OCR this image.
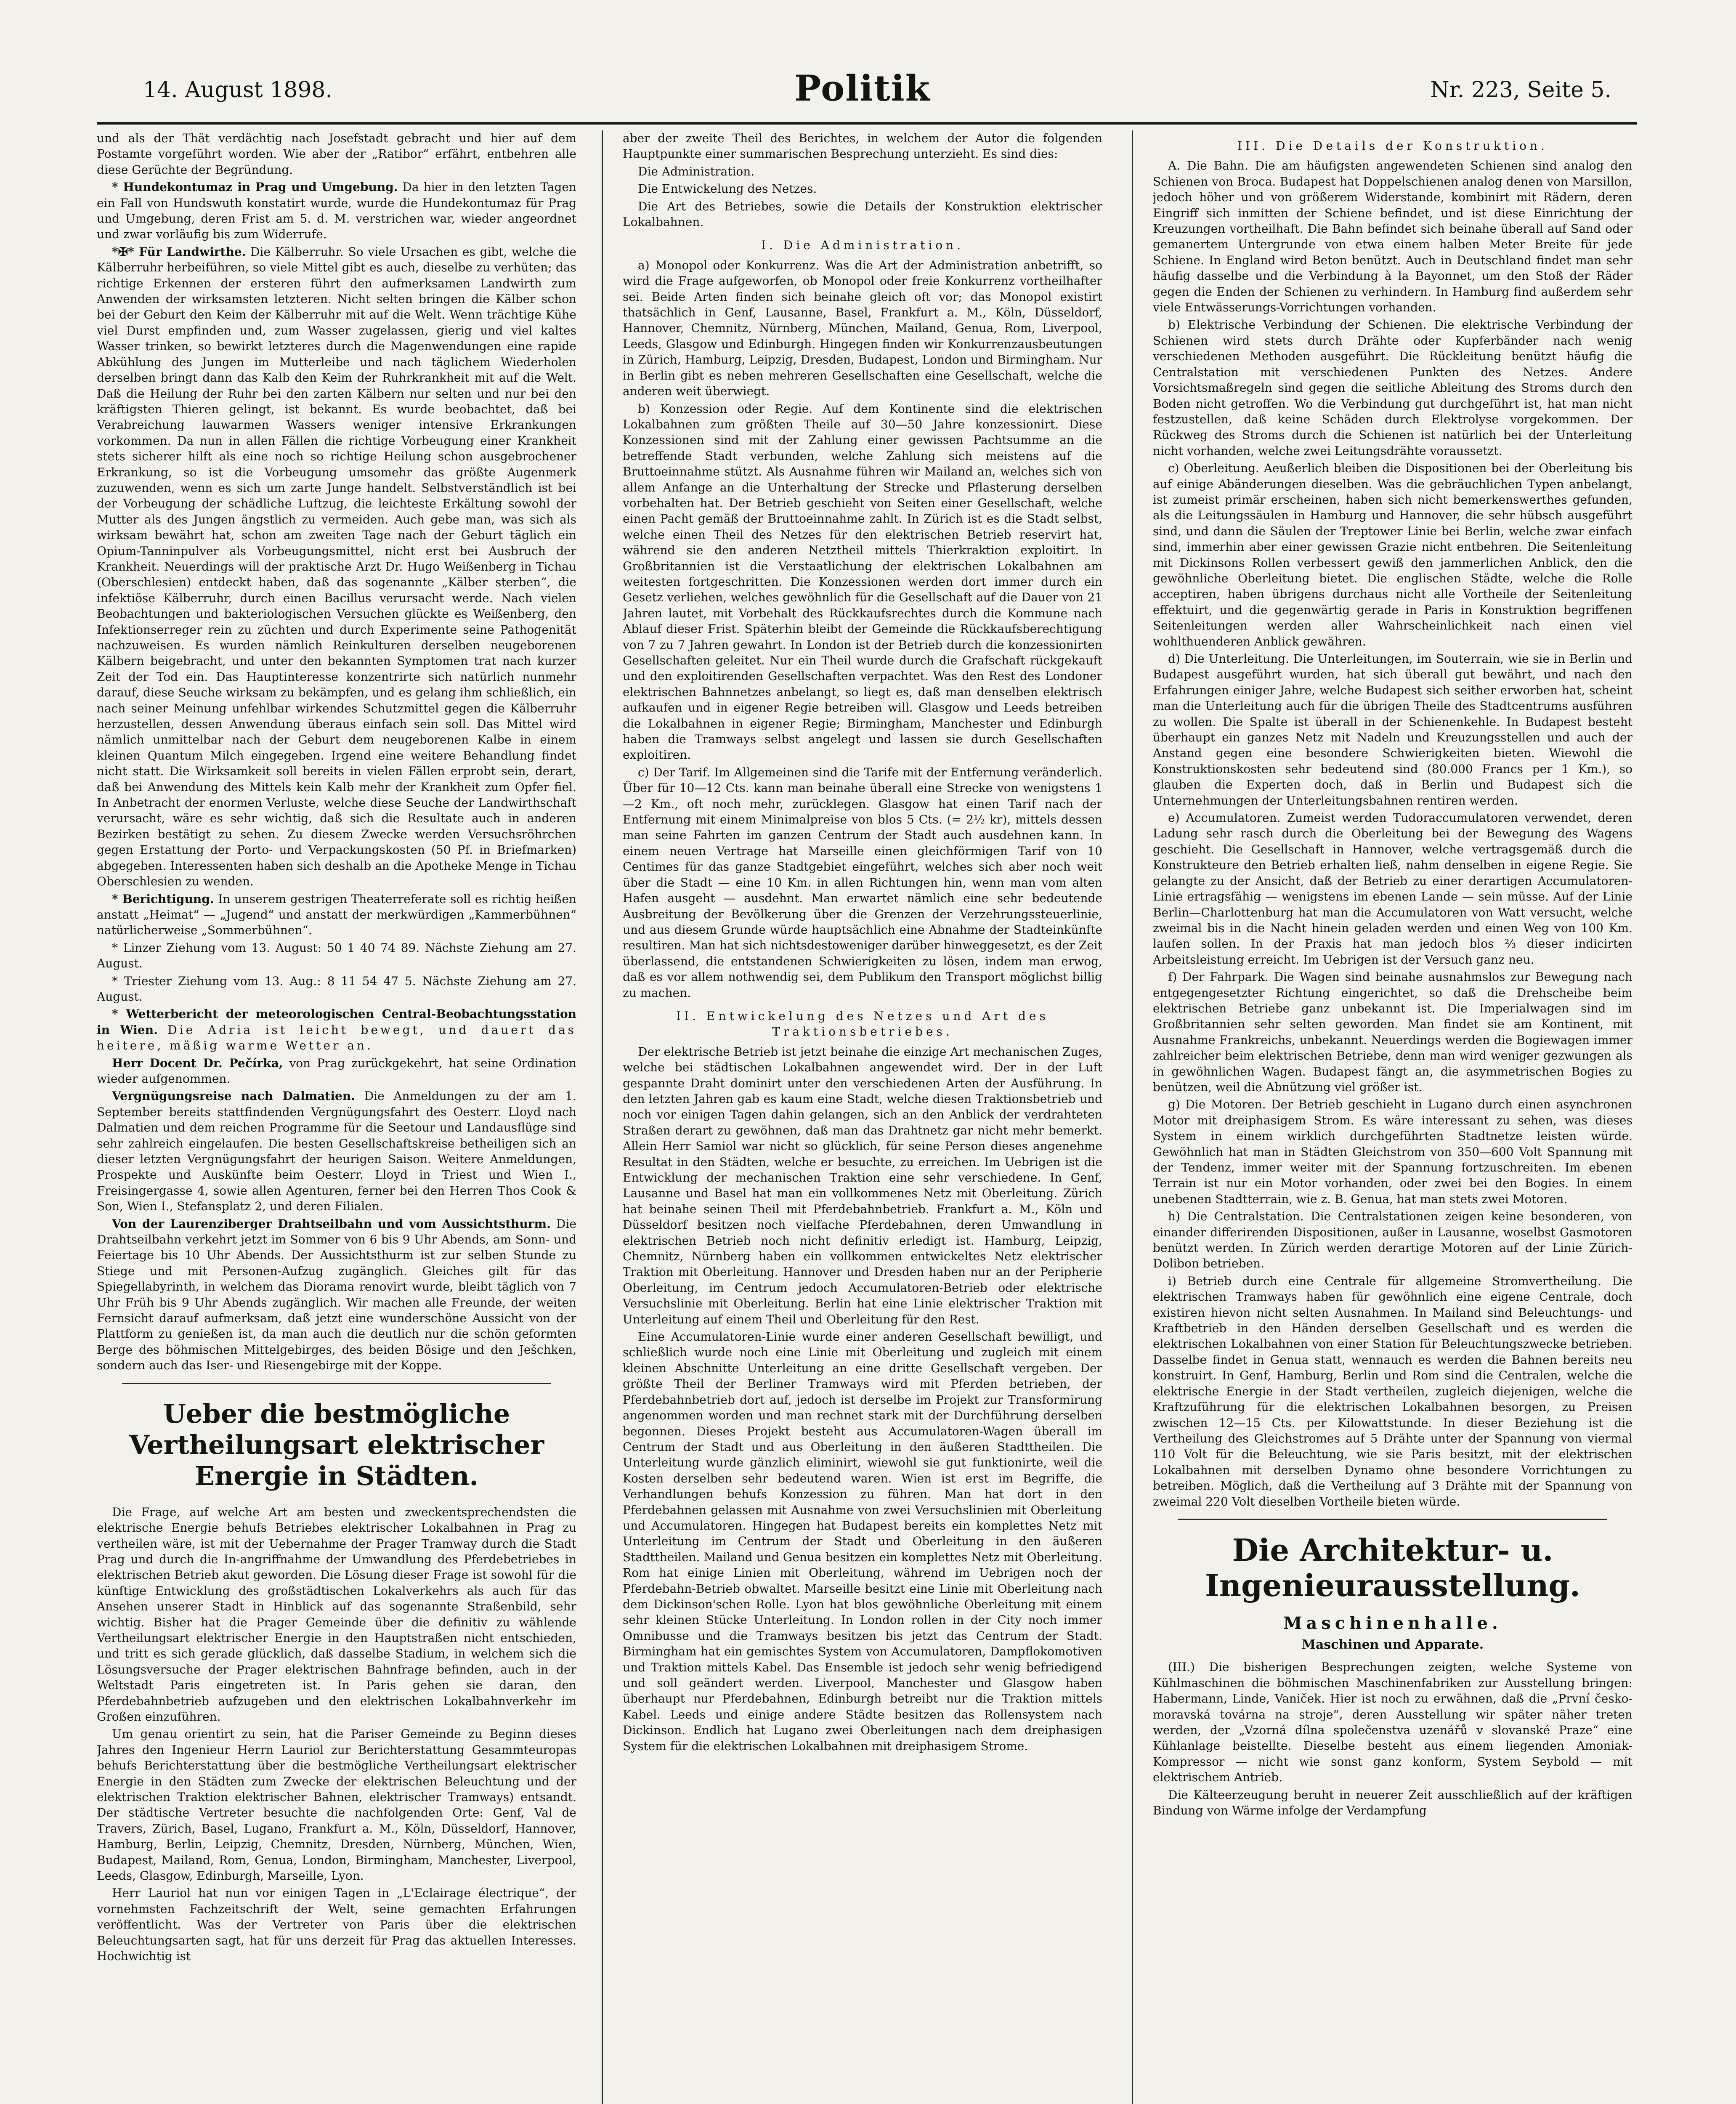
14. August 1898.	Politik	Nr. 223, Seite 5.

und als der Thät verdächtig nach Josefstadt gebracht und hier auf dem Postamte vorgeführt worden. Wie aber der „Ratibor“ erfährt, entbehren alle diese Gerüchte der Begründung.

* Hundekontumaz in Prag und Umgebung. Da hier in den letzten Tagen ein Fall von Hundswuth konstatirt wurde, wurde die Hundekontumaz für Prag und Umgebung, deren Frist am 5. d. M. verstrichen war, wieder angeordnet und zwar vorläufig bis zum Widerrufe.

*✠* Für Landwirthe. Die Kälberruhr. So viele Ursachen es gibt, welche die Kälberruhr herbeiführen, so viele Mittel gibt es auch, dieselbe zu verhüten; das richtige Erkennen der ersteren führt den aufmerksamen Landwirth zum Anwenden der wirksamsten letzteren. Nicht selten bringen die Kälber schon bei der Geburt den Keim der Kälberruhr mit auf die Welt. Wenn trächtige Kühe viel Durst empfinden und, zum Wasser zugelassen, gierig und viel kaltes Wasser trinken, so bewirkt letzteres durch die Magenwendungen eine rapide Abkühlung des Jungen im Mutterleibe und nach täglichem Wiederholen derselben bringt dann das Kalb den Keim der Ruhrkrankheit mit auf die Welt. Daß die Heilung der Ruhr bei den zarten Kälbern nur selten und nur bei den kräftigsten Thieren gelingt, ist bekannt. Es wurde beobachtet, daß bei Verabreichung lauwarmen Wassers weniger intensive Erkrankungen vorkommen. Da nun in allen Fällen die richtige Vorbeugung einer Krankheit stets sicherer hilft als eine noch so richtige Heilung schon ausgebrochener Erkrankung, so ist die Vorbeugung umsomehr das größte Augenmerk zuzuwenden, wenn es sich um zarte Junge handelt. Selbstverständlich ist bei der Vorbeugung der schädliche Luftzug, die leichteste Erkältung sowohl der Mutter als des Jungen ängstlich zu vermeiden. Auch gebe man, was sich als wirksam bewährt hat, schon am zweiten Tage nach der Geburt täglich ein Opium-Tanninpulver als Vorbeugungsmittel, nicht erst bei Ausbruch der Krankheit. Neuerdings will der praktische Arzt Dr. Hugo Weißenberg in Tichau (Oberschlesien) entdeckt haben, daß das sogenannte „Kälber sterben“, die infektiöse Kälberruhr, durch einen Bacillus verursacht werde. Nach vielen Beobachtungen und bakteriologischen Versuchen glückte es Weißenberg, den Infektionserreger rein zu züchten und durch Experimente seine Pathogenität nachzuweisen. Es wurden nämlich Reinkulturen derselben neugeborenen Kälbern beigebracht, und unter den bekannten Symptomen trat nach kurzer Zeit der Tod ein. Das Hauptinteresse konzentrirte sich natürlich nunmehr darauf, diese Seuche wirksam zu bekämpfen, und es gelang ihm schließlich, ein nach seiner Meinung unfehlbar wirkendes Schutzmittel gegen die Kälberruhr herzustellen, dessen Anwendung überaus einfach sein soll. Das Mittel wird nämlich unmittelbar nach der Geburt dem neugeborenen Kalbe in einem kleinen Quantum Milch eingegeben. Irgend eine weitere Behandlung findet nicht statt. Die Wirksamkeit soll bereits in vielen Fällen erprobt sein, derart, daß bei Anwendung des Mittels kein Kalb mehr der Krankheit zum Opfer fiel. In Anbetracht der enormen Verluste, welche diese Seuche der Landwirthschaft verursacht, wäre es sehr wichtig, daß sich die Resultate auch in anderen Bezirken bestätigt zu sehen. Zu diesem Zwecke werden Versuchsröhrchen gegen Erstattung der Porto- und Verpackungskosten (50 Pf. in Briefmarken) abgegeben. Interessenten haben sich deshalb an die Apotheke Menge in Tichau Oberschlesien zu wenden.

* Berichtigung. In unserem gestrigen Theaterreferate soll es richtig heißen anstatt „Heimat“ — „Jugend“ und anstatt der merkwürdigen „Kammerbühnen“ natürlicherweise „Sommerbühnen“.

* Linzer Ziehung vom 13. August: 50 1 40 74 89. Nächste Ziehung am 27. August.

* Triester Ziehung vom 13. Aug.: 8 11 54 47 5. Nächste Ziehung am 27. August.

* Wetterbericht der meteorologischen Central-Beobachtungsstation in Wien. Die Adria ist leicht bewegt, und dauert das heitere, mäßig warme Wetter an.

Herr Docent Dr. Pečírka, von Prag zurückgekehrt, hat seine Ordination wieder aufgenommen.

Vergnügungsreise nach Dalmatien. Die Anmeldungen zu der am 1. September bereits stattfindenden Vergnügungsfahrt des Oesterr. Lloyd nach Dalmatien und dem reichen Programme für die Seetour und Landausflüge sind sehr zahlreich eingelaufen. Die besten Gesellschaftskreise betheiligen sich an dieser letzten Vergnügungsfahrt der heurigen Saison. Weitere Anmeldungen, Prospekte und Auskünfte beim Oesterr. Lloyd in Triest und Wien I., Freisingergasse 4, sowie allen Agenturen, ferner bei den Herren Thos Cook & Son, Wien I., Stefansplatz 2, und deren Filialen.

Von der Laurenziberger Drahtseilbahn und vom Aussichtsthurm. Die Drahtseilbahn verkehrt jetzt im Sommer von 6 bis 9 Uhr Abends, am Sonn- und Feiertage bis 10 Uhr Abends. Der Aussichtsthurm ist zur selben Stunde zu Stiege und mit Personen-Aufzug zugänglich. Gleiches gilt für das Spiegellabyrinth, in welchem das Diorama renovirt wurde, bleibt täglich von 7 Uhr Früh bis 9 Uhr Abends zugänglich. Wir machen alle Freunde, der weiten Fernsicht darauf aufmerksam, daß jetzt eine wunderschöne Aussicht von der Plattform zu genießen ist, da man auch die deutlich nur die schön geformten Berge des böhmischen Mittelgebirges, des beiden Bösige und den Ješchken, sondern auch das Iser- und Riesengebirge mit der Koppe.

Ueber die bestmögliche Vertheilungsart elektrischer Energie in Städten.

Die Frage, auf welche Art am besten und zweckentsprechendsten die elektrische Energie behufs Betriebes elektrischer Lokalbahnen in Prag zu vertheilen wäre, ist mit der Uebernahme der Prager Tramway durch die Stadt Prag und durch die In-angriffnahme der Umwandlung des Pferdebetriebes in elektrischen Betrieb akut geworden. Die Lösung dieser Frage ist sowohl für die künftige Entwicklung des großstädtischen Lokalverkehrs als auch für das Ansehen unserer Stadt in Hinblick auf das sogenannte Straßenbild, sehr wichtig. Bisher hat die Prager Gemeinde über die definitiv zu wählende Vertheilungsart elektrischer Energie in den Hauptstraßen nicht entschieden, und tritt es sich gerade glücklich, daß dasselbe Stadium, in welchem sich die Lösungsversuche der Prager elektrischen Bahnfrage befinden, auch in der Weltstadt Paris eingetreten ist. In Paris gehen sie daran, den Pferdebahnbetrieb aufzugeben und den elektrischen Lokalbahnverkehr im Großen einzuführen.

Um genau orientirt zu sein, hat die Pariser Gemeinde zu Beginn dieses Jahres den Ingenieur Herrn Lauriol zur Berichterstattung Gesammteuropas behufs Berichterstattung über die bestmögliche Vertheilungsart elektrischer Energie in den Städten zum Zwecke der elektrischen Beleuchtung und der elektrischen Traktion elektrischer Bahnen, elektrischer Tramways) entsandt. Der städtische Vertreter besuchte die nachfolgenden Orte: Genf, Val de Travers, Zürich, Basel, Lugano, Frankfurt a. M., Köln, Düsseldorf, Hannover, Hamburg, Berlin, Leipzig, Chemnitz, Dresden, Nürnberg, München, Wien, Budapest, Mailand, Rom, Genua, London, Birmingham, Manchester, Liverpool, Leeds, Glasgow, Edinburgh, Marseille, Lyon.

Herr Lauriol hat nun vor einigen Tagen in „L'Eclairage électrique“, der vornehmsten Fachzeitschrift der Welt, seine gemachten Erfahrungen veröffentlicht. Was der Vertreter von Paris über die elektrischen Beleuchtungsarten sagt, hat für uns derzeit für Prag das aktuellen Interesses. Hochwichtig ist

aber der zweite Theil des Berichtes, in welchem der Autor die folgenden Hauptpunkte einer summarischen Besprechung unterzieht. Es sind dies:

Die Administration.

Die Entwickelung des Netzes.

Die Art des Betriebes, sowie die Details der Konstruktion elektrischer Lokalbahnen.

I. Die Administration.

a) Monopol oder Konkurrenz. Was die Art der Administration anbetrifft, so wird die Frage aufgeworfen, ob Monopol oder freie Konkurrenz vortheilhafter sei. Beide Arten finden sich beinahe gleich oft vor; das Monopol existirt thatsächlich in Genf, Lausanne, Basel, Frankfurt a. M., Köln, Düsseldorf, Hannover, Chemnitz, Nürnberg, München, Mailand, Genua, Rom, Liverpool, Leeds, Glasgow und Edinburgh. Hingegen finden wir Konkurrenzausbeutungen in Zürich, Hamburg, Leipzig, Dresden, Budapest, London und Birmingham. Nur in Berlin gibt es neben mehreren Gesellschaften eine Gesellschaft, welche die anderen weit überwiegt.

b) Konzession oder Regie. Auf dem Kontinente sind die elektrischen Lokalbahnen zum größten Theile auf 30—50 Jahre konzessionirt. Diese Konzessionen sind mit der Zahlung einer gewissen Pachtsumme an die betreffende Stadt verbunden, welche Zahlung sich meistens auf die Bruttoeinnahme stützt. Als Ausnahme führen wir Mailand an, welches sich von allem Anfange an die Unterhaltung der Strecke und Pflasterung derselben vorbehalten hat. Der Betrieb geschieht von Seiten einer Gesellschaft, welche einen Pacht gemäß der Bruttoeinnahme zahlt. In Zürich ist es die Stadt selbst, welche einen Theil des Netzes für den elektrischen Betrieb reservirt hat, während sie den anderen Netztheil mittels Thierkraktion exploitirt. In Großbritannien ist die Verstaatlichung der elektrischen Lokalbahnen am weitesten fortgeschritten. Die Konzessionen werden dort immer durch ein Gesetz verliehen, welches gewöhnlich für die Gesellschaft auf die Dauer von 21 Jahren lautet, mit Vorbehalt des Rückkaufsrechtes durch die Kommune nach Ablauf dieser Frist. Späterhin bleibt der Gemeinde die Rückkaufsberechtigung von 7 zu 7 Jahren gewahrt. In London ist der Betrieb durch die konzessionirten Gesellschaften geleitet. Nur ein Theil wurde durch die Grafschaft rückgekauft und den exploitirenden Gesellschaften verpachtet. Was den Rest des Londoner elektrischen Bahnnetzes anbelangt, so liegt es, daß man denselben elektrisch aufkaufen und in eigener Regie betreiben will. Glasgow und Leeds betreiben die Lokalbahnen in eigener Regie; Birmingham, Manchester und Edinburgh haben die Tramways selbst angelegt und lassen sie durch Gesellschaften exploitiren.

c) Der Tarif. Im Allgemeinen sind die Tarife mit der Entfernung veränderlich. Über für 10—12 Cts. kann man beinahe überall eine Strecke von wenigstens 1—2 Km., oft noch mehr, zurücklegen. Glasgow hat einen Tarif nach der Entfernung mit einem Minimalpreise von blos 5 Cts. (= 2½ kr), mittels dessen man seine Fahrten im ganzen Centrum der Stadt auch ausdehnen kann. In einem neuen Vertrage hat Marseille einen gleichförmigen Tarif von 10 Centimes für das ganze Stadtgebiet eingeführt, welches sich aber noch weit über die Stadt — eine 10 Km. in allen Richtungen hin, wenn man vom alten Hafen ausgeht — ausdehnt. Man erwartet nämlich eine sehr bedeutende Ausbreitung der Bevölkerung über die Grenzen der Verzehrungssteuerlinie, und aus diesem Grunde würde hauptsächlich eine Abnahme der Stadteinkünfte resultiren. Man hat sich nichtsdestoweniger darüber hinweggesetzt, es der Zeit überlassend, die entstandenen Schwierigkeiten zu lösen, indem man erwog, daß es vor allem nothwendig sei, dem Publikum den Transport möglichst billig zu machen.

II. Entwickelung des Netzes und Art des Traktionsbetriebes.

Der elektrische Betrieb ist jetzt beinahe die einzige Art mechanischen Zuges, welche bei städtischen Lokalbahnen angewendet wird. Der in der Luft gespannte Draht dominirt unter den verschiedenen Arten der Ausführung. In den letzten Jahren gab es kaum eine Stadt, welche diesen Traktionsbetrieb und noch vor einigen Tagen dahin gelangen, sich an den Anblick der verdrahteten Straßen derart zu gewöhnen, daß man das Drahtnetz gar nicht mehr bemerkt. Allein Herr Samiol war nicht so glücklich, für seine Person dieses angenehme Resultat in den Städten, welche er besuchte, zu erreichen. Im Uebrigen ist die Entwicklung der mechanischen Traktion eine sehr verschiedene. In Genf, Lausanne und Basel hat man ein vollkommenes Netz mit Oberleitung. Zürich hat beinahe seinen Theil mit Pferdebahnbetrieb. Frankfurt a. M., Köln und Düsseldorf besitzen noch vielfache Pferdebahnen, deren Umwandlung in elektrischen Betrieb noch nicht definitiv erledigt ist. Hamburg, Leipzig, Chemnitz, Nürnberg haben ein vollkommen entwickeltes Netz elektrischer Traktion mit Oberleitung. Hannover und Dresden haben nur an der Peripherie Oberleitung, im Centrum jedoch Accumulatoren-Betrieb oder elektrische Versuchslinie mit Oberleitung. Berlin hat eine Linie elektrischer Traktion mit Unterleitung auf einem Theil und Oberleitung für den Rest.

Eine Accumulatoren-Linie wurde einer anderen Gesellschaft bewilligt, und schließlich wurde noch eine Linie mit Oberleitung und zugleich mit einem kleinen Abschnitte Unterleitung an eine dritte Gesellschaft vergeben. Der größte Theil der Berliner Tramways wird mit Pferden betrieben, der Pferdebahnbetrieb dort auf, jedoch ist derselbe im Projekt zur Transformirung angenommen worden und man rechnet stark mit der Durchführung derselben begonnen. Dieses Projekt besteht aus Accumulatoren-Wagen überall im Centrum der Stadt und aus Oberleitung in den äußeren Stadttheilen. Die Unterleitung wurde gänzlich eliminirt, wiewohl sie gut funktionirte, weil die Kosten derselben sehr bedeutend waren. Wien ist erst im Begriffe, die Verhandlungen behufs Konzession zu führen. Man hat dort in den Pferdebahnen gelassen mit Ausnahme von zwei Versuchslinien mit Oberleitung und Accumulatoren. Hingegen hat Budapest bereits ein komplettes Netz mit Unterleitung im Centrum der Stadt und Oberleitung in den äußeren Stadttheilen. Mailand und Genua besitzen ein komplettes Netz mit Oberleitung. Rom hat einige Linien mit Oberleitung, während im Uebrigen noch der Pferdebahn-Betrieb obwaltet. Marseille besitzt eine Linie mit Oberleitung nach dem Dickinson'schen Rolle. Lyon hat blos gewöhnliche Oberleitung mit einem sehr kleinen Stücke Unterleitung. In London rollen in der City noch immer Omnibusse und die Tramways besitzen bis jetzt das Centrum der Stadt. Birmingham hat ein gemischtes System von Accumulatoren, Dampflokomotiven und Traktion mittels Kabel. Das Ensemble ist jedoch sehr wenig befriedigend und soll geändert werden. Liverpool, Manchester und Glasgow haben überhaupt nur Pferdebahnen, Edinburgh betreibt nur die Traktion mittels Kabel. Leeds und einige andere Städte besitzen das Rollensystem nach Dickinson. Endlich hat Lugano zwei Oberleitungen nach dem dreiphasigen System für die elektrischen Lokalbahnen mit dreiphasigem Strome.

III. Die Details der Konstruktion.

A. Die Bahn. Die am häufigsten angewendeten Schienen sind analog den Schienen von Broca. Budapest hat Doppelschienen analog denen von Marsillon, jedoch höher und von größerem Widerstande, kombinirt mit Rädern, deren Eingriff sich inmitten der Schiene befindet, und ist diese Einrichtung der Kreuzungen vortheilhaft. Die Bahn befindet sich beinahe überall auf Sand oder gemanertem Untergrunde von etwa einem halben Meter Breite für jede Schiene. In England wird Beton benützt. Auch in Deutschland findet man sehr häufig dasselbe und die Verbindung à la Bayonnet, um den Stoß der Räder gegen die Enden der Schienen zu verhindern. In Hamburg find außerdem sehr viele Entwässerungs-Vorrichtungen vorhanden.

b) Elektrische Verbindung der Schienen. Die elektrische Verbindung der Schienen wird stets durch Drähte oder Kupferbänder nach wenig verschiedenen Methoden ausgeführt. Die Rückleitung benützt häufig die Centralstation mit verschiedenen Punkten des Netzes. Andere Vorsichtsmaßregeln sind gegen die seitliche Ableitung des Stroms durch den Boden nicht getroffen. Wo die Verbindung gut durchgeführt ist, hat man nicht festzustellen, daß keine Schäden durch Elektrolyse vorgekommen. Der Rückweg des Stroms durch die Schienen ist natürlich bei der Unterleitung nicht vorhanden, welche zwei Leitungsdrähte voraussetzt.

c) Oberleitung. Aeußerlich bleiben die Dispositionen bei der Oberleitung bis auf einige Abänderungen dieselben. Was die gebräuchlichen Typen anbelangt, ist zumeist primär erscheinen, haben sich nicht bemerkenswerthes gefunden, als die Leitungssäulen in Hamburg und Hannover, die sehr hübsch ausgeführt sind, und dann die Säulen der Treptower Linie bei Berlin, welche zwar einfach sind, immerhin aber einer gewissen Grazie nicht entbehren. Die Seitenleitung mit Dickinsons Rollen verbessert gewiß den jammerlichen Anblick, den die gewöhnliche Oberleitung bietet. Die englischen Städte, welche die Rolle acceptiren, haben übrigens durchaus nicht alle Vortheile der Seitenleitung effektuirt, und die gegenwärtig gerade in Paris in Konstruktion begriffenen Seitenleitungen werden aller Wahrscheinlichkeit nach einen viel wohlthuenderen Anblick gewähren.

d) Die Unterleitung. Die Unterleitungen, im Souterrain, wie sie in Berlin und Budapest ausgeführt wurden, hat sich überall gut bewährt, und nach den Erfahrungen einiger Jahre, welche Budapest sich seither erworben hat, scheint man die Unterleitung auch für die übrigen Theile des Stadtcentrums ausführen zu wollen. Die Spalte ist überall in der Schienenkehle. In Budapest besteht überhaupt ein ganzes Netz mit Nadeln und Kreuzungsstellen und auch der Anstand gegen eine besondere Schwierigkeiten bieten. Wiewohl die Konstruktionskosten sehr bedeutend sind (80.000 Francs per 1 Km.), so glauben die Experten doch, daß in Berlin und Budapest sich die Unternehmungen der Unterleitungsbahnen rentiren werden.

e) Accumulatoren. Zumeist werden Tudoraccumulatoren verwendet, deren Ladung sehr rasch durch die Oberleitung bei der Bewegung des Wagens geschieht. Die Gesellschaft in Hannover, welche vertragsgemäß durch die Konstrukteure den Betrieb erhalten ließ, nahm denselben in eigene Regie. Sie gelangte zu der Ansicht, daß der Betrieb zu einer derartigen Accumulatoren-Linie ertragsfähig — wenigstens im ebenen Lande — sein müsse. Auf der Linie Berlin—Charlottenburg hat man die Accumulatoren von Watt versucht, welche zweimal bis in die Nacht hinein geladen werden und einen Weg von 100 Km. laufen sollen. In der Praxis hat man jedoch blos ⅔ dieser indicirten Arbeitsleistung erreicht. Im Uebrigen ist der Versuch ganz neu.

f) Der Fahrpark. Die Wagen sind beinahe ausnahmslos zur Bewegung nach entgegengesetzter Richtung eingerichtet, so daß die Drehscheibe beim elektrischen Betriebe ganz unbekannt ist. Die Imperialwagen sind im Großbritannien sehr selten geworden. Man findet sie am Kontinent, mit Ausnahme Frankreichs, unbekannt. Neuerdings werden die Bogiewagen immer zahlreicher beim elektrischen Betriebe, denn man wird weniger gezwungen als in gewöhnlichen Wagen. Budapest fängt an, die asymmetrischen Bogies zu benützen, weil die Abnützung viel größer ist.

g) Die Motoren. Der Betrieb geschieht in Lugano durch einen asynchronen Motor mit dreiphasigem Strom. Es wäre interessant zu sehen, was dieses System in einem wirklich durchgeführten Stadtnetze leisten würde. Gewöhnlich hat man in Städten Gleichstrom von 350—600 Volt Spannung mit der Tendenz, immer weiter mit der Spannung fortzuschreiten. Im ebenen Terrain ist nur ein Motor vorhanden, oder zwei bei den Bogies. In einem unebenen Stadtterrain, wie z. B. Genua, hat man stets zwei Motoren.

h) Die Centralstation. Die Centralstationen zeigen keine besonderen, von einander differirenden Dispositionen, außer in Lausanne, woselbst Gasmotoren benützt werden. In Zürich werden derartige Motoren auf der Linie Zürich-Dolibon betrieben.

i) Betrieb durch eine Centrale für allgemeine Stromvertheilung. Die elektrischen Tramways haben für gewöhnlich eine eigene Centrale, doch existiren hievon nicht selten Ausnahmen. In Mailand sind Beleuchtungs- und Kraftbetrieb in den Händen derselben Gesellschaft und es werden die elektrischen Lokalbahnen von einer Station für Beleuchtungszwecke betrieben. Dasselbe findet in Genua statt, wennauch es werden die Bahnen bereits neu konstruirt. In Genf, Hamburg, Berlin und Rom sind die Centralen, welche die elektrische Energie in der Stadt vertheilen, zugleich diejenigen, welche die Kraftzuführung für die elektrischen Lokalbahnen besorgen, zu Preisen zwischen 12—15 Cts. per Kilowattstunde. In dieser Beziehung ist die Vertheilung des Gleichstromes auf 5 Drähte unter der Spannung von viermal 110 Volt für die Beleuchtung, wie sie Paris besitzt, mit der elektrischen Lokalbahnen mit derselben Dynamo ohne besondere Vorrichtungen zu betreiben. Möglich, daß die Vertheilung auf 3 Drähte mit der Spannung von zweimal 220 Volt dieselben Vortheile bieten würde.

Die Architektur- u. Ingenieurausstellung.
Maschinenhalle.
Maschinen und Apparate.

(III.) Die bisherigen Besprechungen zeigten, welche Systeme von Kühlmaschinen die böhmischen Maschinenfabriken zur Ausstellung bringen: Habermann, Linde, Vaniček. Hier ist noch zu erwähnen, daß die „První česko-moravská továrna na stroje“, deren Ausstellung wir später näher treten werden, der „Vzorná dílna společenstva uzenářů v slovanské Praze“ eine Kühlanlage beistellte. Dieselbe besteht aus einem liegenden Amoniak-Kompressor — nicht wie sonst ganz konform, System Seybold — mit elektrischem Antrieb.

Die Kälteerzeugung beruht in neuerer Zeit ausschließlich auf der kräftigen Bindung von Wärme infolge der Verdampfung
